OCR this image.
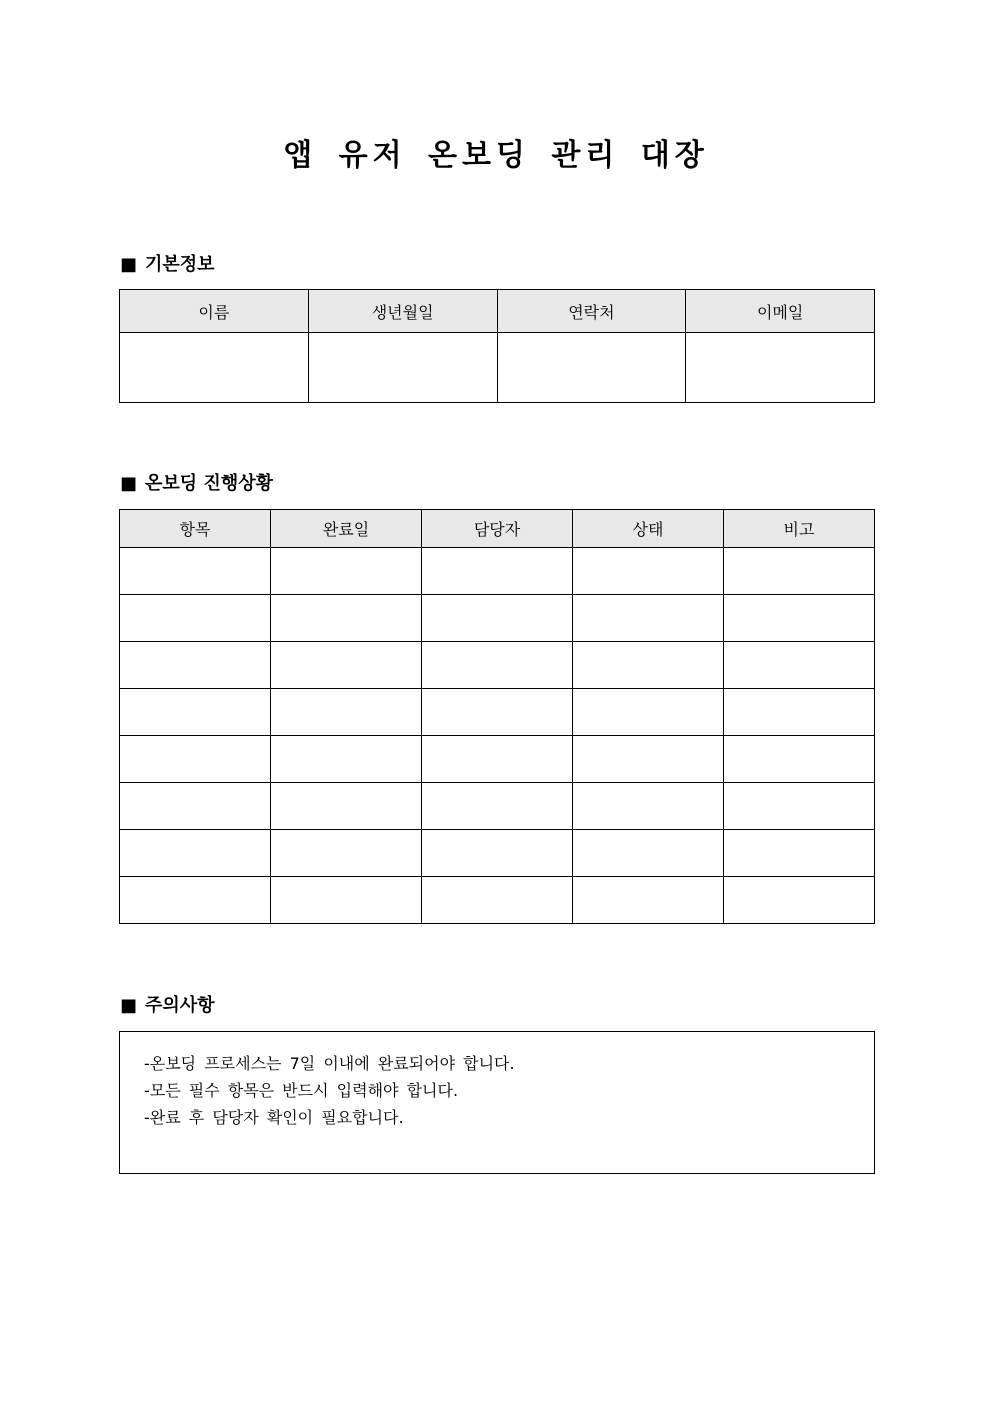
앱 유저 온보딩 관리 대장
■ 기본정보
이름	생년월일	연락처	이메일

■ 온보딩 진행상황
항목	완료일	담당자	상태	비고

■ 주의사항
-온보딩 프로세스는 7일 이내에 완료되어야 합니다.
-모든 필수 항목은 반드시 입력해야 합니다.
-완료 후 담당자 확인이 필요합니다.
